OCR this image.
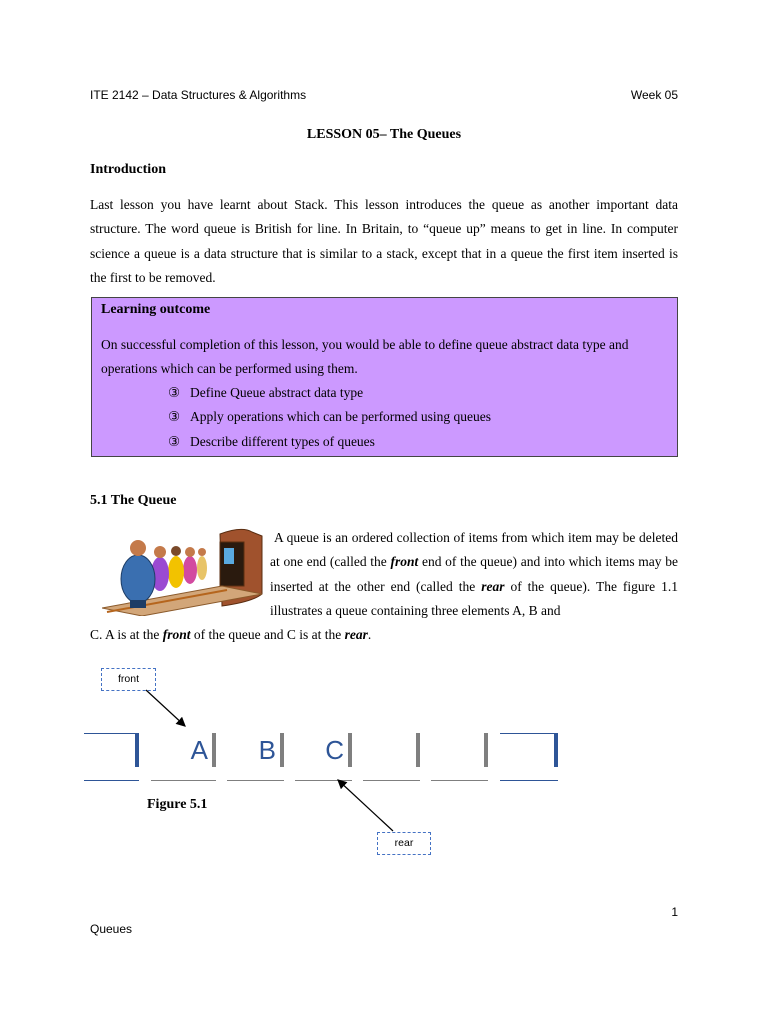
ITE 2142 – Data Structures & Algorithms	Week 05
LESSON 05– The Queues
Introduction
Last lesson you have learnt about Stack. This lesson introduces the queue as another important data structure. The word queue is British for line. In Britain, to “queue up” means to get in line. In computer science a queue is a data structure that is similar to a stack, except that in a queue the first item inserted is the first to be removed.
Learning outcome
On successful completion of this lesson, you would be able to define queue abstract data type and operations which can be performed using them.
③ Define Queue abstract data type
③ Apply operations which can be performed using queues
③ Describe different types of queues
5.1 The Queue
A queue is an ordered collection of items from which item may be deleted at one end (called the front end of the queue) and into which items may be inserted at the other end (called the rear of the queue). The figure 1.1 illustrates a queue containing three elements A, B and
C. A is at the front of the queue and C is at the rear.
A B C
front
rear
Figure 5.1
1
Queues
